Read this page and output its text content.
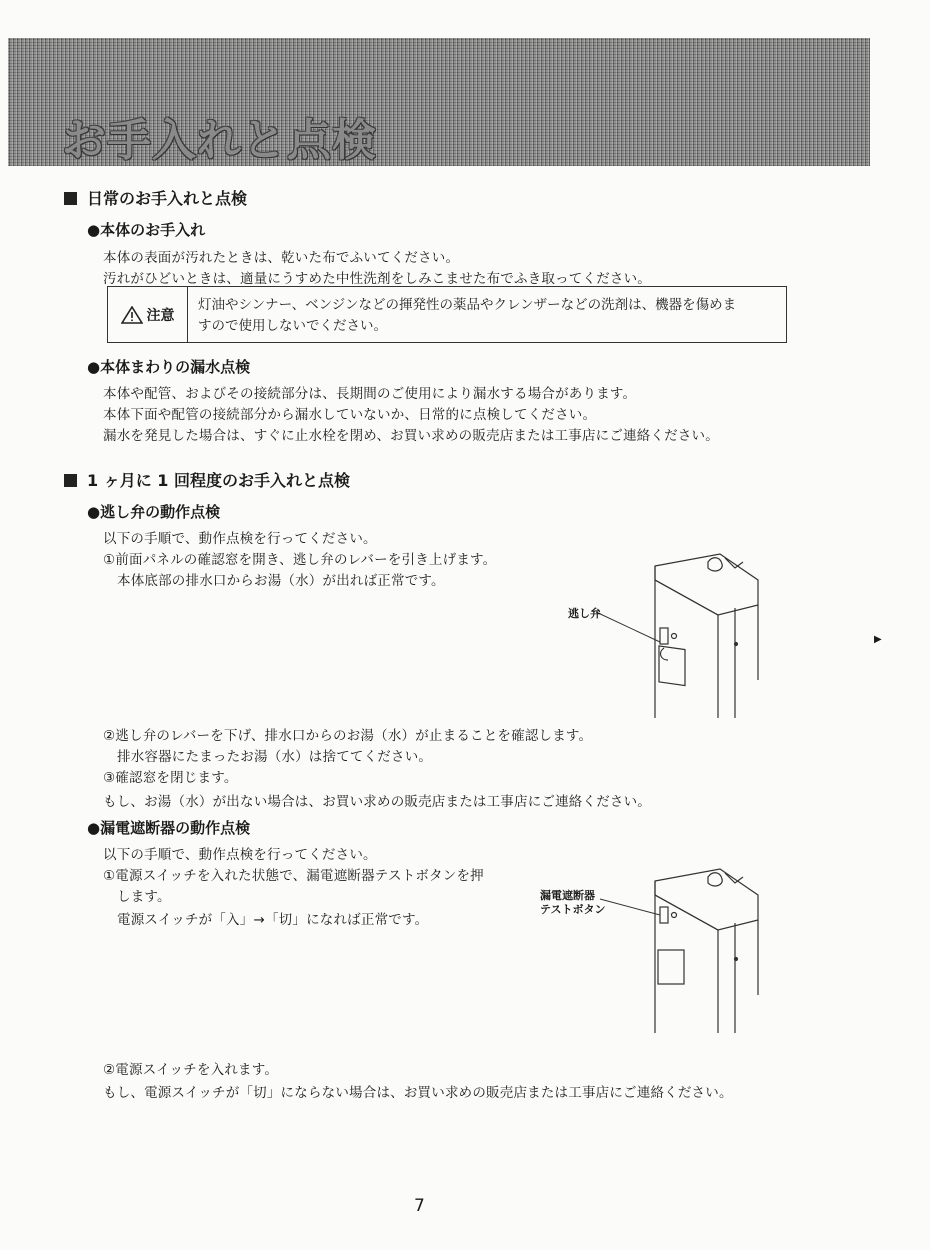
お手入れと点検
日常のお手入れと点検
●本体のお手入れ
本体の表面が汚れたときは、乾いた布でふいてください。
汚れがひどいときは、適量にうすめた中性洗剤をしみこませた布でふき取ってください。
注意
灯油やシンナー、ベンジンなどの揮発性の薬品やクレンザーなどの洗剤は、機器を傷めま
すので使用しないでください。
●本体まわりの漏水点検
本体や配管、およびその接続部分は、長期間のご使用により漏水する場合があります。
本体下面や配管の接続部分から漏水していないか、日常的に点検してください。
漏水を発見した場合は、すぐに止水栓を閉め、お買い求めの販売店または工事店にご連絡ください。
1 ヶ月に 1 回程度のお手入れと点検
●逃し弁の動作点検
以下の手順で、動作点検を行ってください。
①前面パネルの確認窓を開き、逃し弁のレバーを引き上げます。
本体底部の排水口からお湯（水）が出れば正常です。
逃し弁
②逃し弁のレバーを下げ、排水口からのお湯（水）が止まることを確認します。
排水容器にたまったお湯（水）は捨ててください。
③確認窓を閉じます。
もし、お湯（水）が出ない場合は、お買い求めの販売店または工事店にご連絡ください。
●漏電遮断器の動作点検
以下の手順で、動作点検を行ってください。
①電源スイッチを入れた状態で、漏電遮断器テストボタンを押
します。
電源スイッチが「入」→「切」になれば正常です。
漏電遮断器
テストボタン
②電源スイッチを入れます。
もし、電源スイッチが「切」にならない場合は、お買い求めの販売店または工事店にご連絡ください。
▶
7
